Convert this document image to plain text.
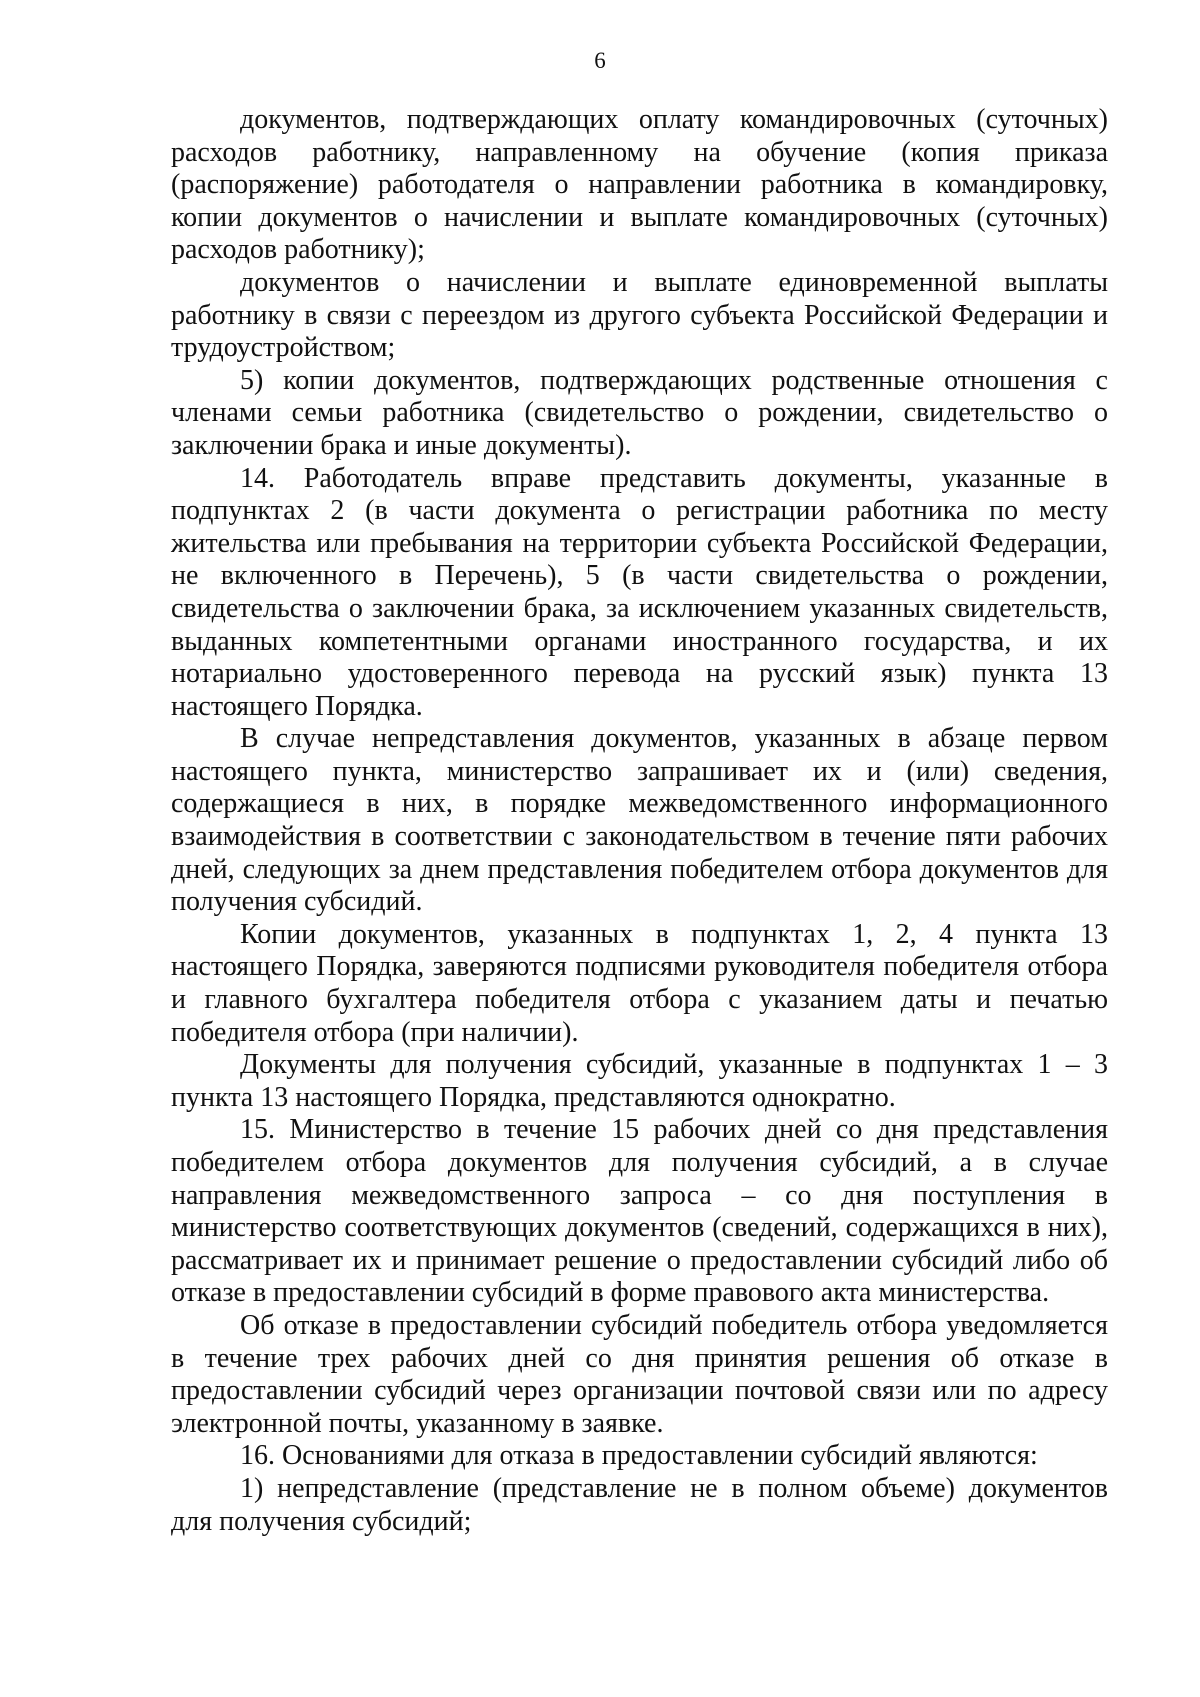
6

документов, подтверждающих оплату командировочных (суточных) расходов работнику, направленному на обучение (копия приказа (распоряжение) работодателя о направлении работника в командировку, копии документов о начислении и выплате командировочных (суточных) расходов работнику);

документов о начислении и выплате единовременной выплаты работнику в связи с переездом из другого субъекта Российской Федерации и трудоустройством;

5) копии документов, подтверждающих родственные отношения с членами семьи работника (свидетельство о рождении, свидетельство о заключении брака и иные документы).

14. Работодатель вправе представить документы, указанные в подпунктах 2 (в части документа о регистрации работника по месту жительства или пребывания на территории субъекта Российской Федерации, не включенного в Перечень), 5 (в части свидетельства о рождении, свидетельства о заключении брака, за исключением указанных свидетельств, выданных компетентными органами иностранного государства, и их нотариально удостоверенного перевода на русский язык) пункта 13 настоящего Порядка.

В случае непредставления документов, указанных в абзаце первом настоящего пункта, министерство запрашивает их и (или) сведения, содержащиеся в них, в порядке межведомственного информационного взаимодействия в соответствии с законодательством в течение пяти рабочих дней, следующих за днем представления победителем отбора документов для получения субсидий.

Копии документов, указанных в подпунктах 1, 2, 4 пункта 13 настоящего Порядка, заверяются подписями руководителя победителя отбора и главного бухгалтера победителя отбора с указанием даты и печатью победителя отбора (при наличии).

Документы для получения субсидий, указанные в подпунктах 1 – 3 пункта 13 настоящего Порядка, представляются однократно.

15. Министерство в течение 15 рабочих дней со дня представления победителем отбора документов для получения субсидий, а в случае направления межведомственного запроса – со дня поступления в министерство соответствующих документов (сведений, содержащихся в них), рассматривает их и принимает решение о предоставлении субсидий либо об отказе в предоставлении субсидий в форме правового акта министерства.

Об отказе в предоставлении субсидий победитель отбора уведомляется в течение трех рабочих дней со дня принятия решения об отказе в предоставлении субсидий через организации почтовой связи или по адресу электронной почты, указанному в заявке.

16. Основаниями для отказа в предоставлении субсидий являются:

1) непредставление (представление не в полном объеме) документов для получения субсидий;
